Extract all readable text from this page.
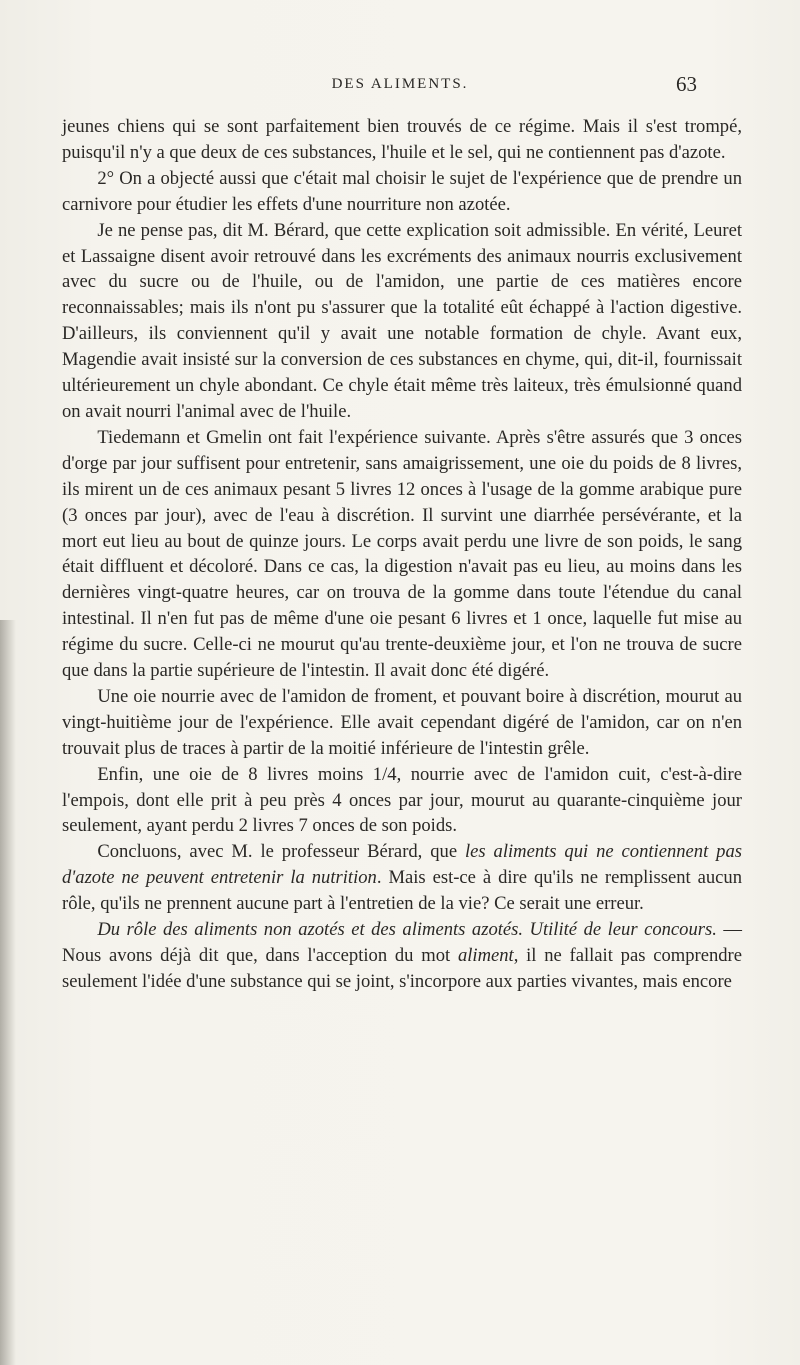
DES ALIMENTS.	63

jeunes chiens qui se sont parfaitement bien trouvés de ce régime. Mais il s'est trompé, puisqu'il n'y a que deux de ces substances, l'huile et le sel, qui ne contiennent pas d'azote.

2° On a objecté aussi que c'était mal choisir le sujet de l'expérience que de prendre un carnivore pour étudier les effets d'une nourriture non azotée.

Je ne pense pas, dit M. Bérard, que cette explication soit admissible. En vérité, Leuret et Lassaigne disent avoir retrouvé dans les excréments des animaux nourris exclusivement avec du sucre ou de l'huile, ou de l'amidon, une partie de ces matières encore reconnaissables; mais ils n'ont pu s'assurer que la totalité eût échappé à l'action digestive. D'ailleurs, ils conviennent qu'il y avait une notable formation de chyle. Avant eux, Magendie avait insisté sur la conversion de ces substances en chyme, qui, dit-il, fournissait ultérieurement un chyle abondant. Ce chyle était même très laiteux, très émulsionné quand on avait nourri l'animal avec de l'huile.

Tiedemann et Gmelin ont fait l'expérience suivante. Après s'être assurés que 3 onces d'orge par jour suffisent pour entretenir, sans amaigrissement, une oie du poids de 8 livres, ils mirent un de ces animaux pesant 5 livres 12 onces à l'usage de la gomme arabique pure (3 onces par jour), avec de l'eau à discrétion. Il survint une diarrhée persévérante, et la mort eut lieu au bout de quinze jours. Le corps avait perdu une livre de son poids, le sang était diffluent et décoloré. Dans ce cas, la digestion n'avait pas eu lieu, au moins dans les dernières vingt-quatre heures, car on trouva de la gomme dans toute l'étendue du canal intestinal. Il n'en fut pas de même d'une oie pesant 6 livres et 1 once, laquelle fut mise au régime du sucre. Celle-ci ne mourut qu'au trente-deuxième jour, et l'on ne trouva de sucre que dans la partie supérieure de l'intestin. Il avait donc été digéré.

Une oie nourrie avec de l'amidon de froment, et pouvant boire à discrétion, mourut au vingt-huitième jour de l'expérience. Elle avait cependant digéré de l'amidon, car on n'en trouvait plus de traces à partir de la moitié inférieure de l'intestin grêle.

Enfin, une oie de 8 livres moins 1/4, nourrie avec de l'amidon cuit, c'est-à-dire l'empois, dont elle prit à peu près 4 onces par jour, mourut au quarante-cinquième jour seulement, ayant perdu 2 livres 7 onces de son poids.

Concluons, avec M. le professeur Bérard, que les aliments qui ne contiennent pas d'azote ne peuvent entretenir la nutrition. Mais est-ce à dire qu'ils ne remplissent aucun rôle, qu'ils ne prennent aucune part à l'entretien de la vie? Ce serait une erreur.

Du rôle des aliments non azotés et des aliments azotés. Utilité de leur concours. — Nous avons déjà dit que, dans l'acception du mot aliment, il ne fallait pas comprendre seulement l'idée d'une substance qui se joint, s'incorpore aux parties vivantes, mais encore
